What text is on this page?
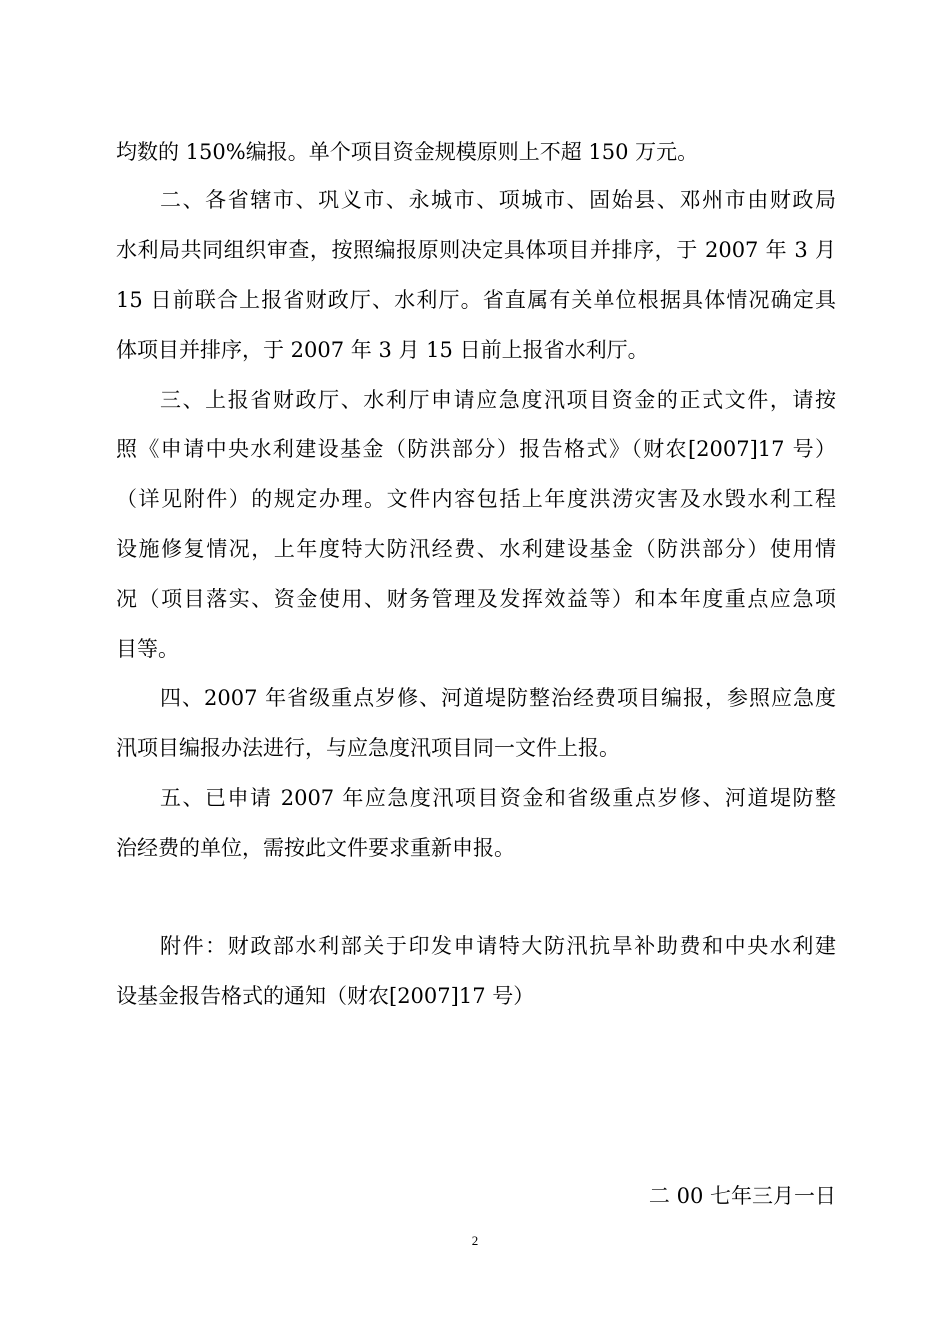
均数的 150%编报。单个项目资金规模原则上不超 150 万元。
二、各省辖市、巩义市、永城市、项城市、固始县、邓州市由财政局
水利局共同组织审查，按照编报原则决定具体项目并排序，于 2007 年 3 月
15 日前联合上报省财政厅、水利厅。省直属有关单位根据具体情况确定具
体项目并排序，于 2007 年 3 月 15 日前上报省水利厅。
三、上报省财政厅、水利厅申请应急度汛项目资金的正式文件，请按
照《申请中央水利建设基金（防洪部分）报告格式》（财农[2007]17 号）
（详见附件）的规定办理。文件内容包括上年度洪涝灾害及水毁水利工程
设施修复情况，上年度特大防汛经费、水利建设基金（防洪部分）使用情
况（项目落实、资金使用、财务管理及发挥效益等）和本年度重点应急项
目等。
四、2007 年省级重点岁修、河道堤防整治经费项目编报，参照应急度
汛项目编报办法进行，与应急度汛项目同一文件上报。
五、已申请 2007 年应急度汛项目资金和省级重点岁修、河道堤防整
治经费的单位，需按此文件要求重新申报。
附件：财政部水利部关于印发申请特大防汛抗旱补助费和中央水利建
设基金报告格式的通知（财农[2007]17 号）
二 00 七年三月一日
2
